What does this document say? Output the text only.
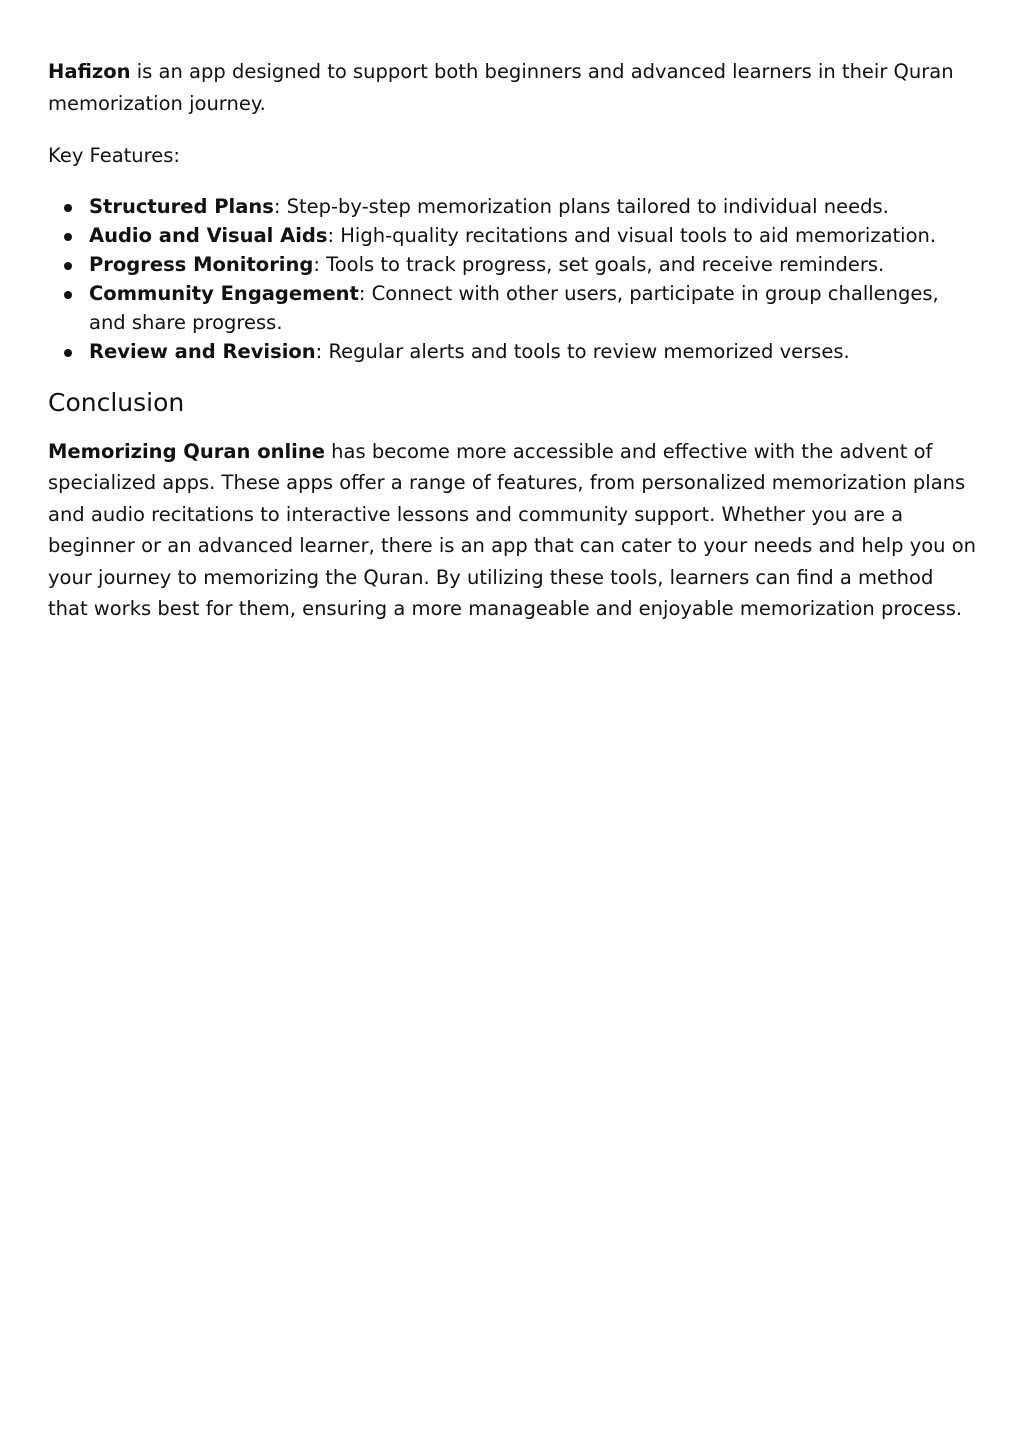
Hafizon is an app designed to support both beginners and advanced learners in their Quran memorization journey.

Key Features:

Structured Plans: Step-by-step memorization plans tailored to individual needs.
Audio and Visual Aids: High-quality recitations and visual tools to aid memorization.
Progress Monitoring: Tools to track progress, set goals, and receive reminders.
Community Engagement: Connect with other users, participate in group challenges, and share progress.
Review and Revision: Regular alerts and tools to review memorized verses.
Conclusion

Memorizing Quran online has become more accessible and effective with the advent of specialized apps. These apps offer a range of features, from personalized memorization plans and audio recitations to interactive lessons and community support. Whether you are a beginner or an advanced learner, there is an app that can cater to your needs and help you on your journey to memorizing the Quran. By utilizing these tools, learners can find a method that works best for them, ensuring a more manageable and enjoyable memorization process.
